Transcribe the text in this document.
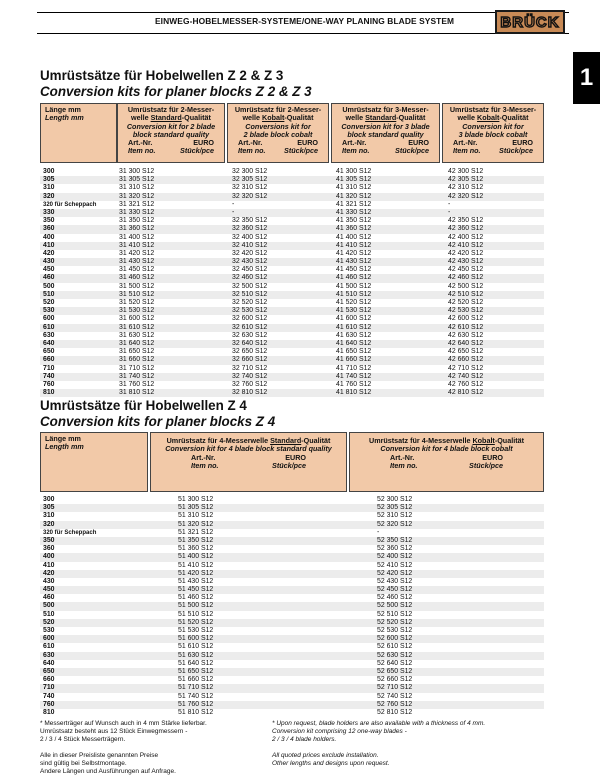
EINWEG-HOBELMESSER-SYSTEME/ONE-WAY PLANING BLADE SYSTEM	BRÜCK
1
Umrüstsätze für Hobelwellen Z 2 & Z 3
Conversion kits for planer blocks Z 2 & Z 3
Länge mm
Length mm
Umrüstsatz für 2-Messer-
welle Standard-Qualität
Conversion kit for 2 blade
block standard quality
Art.-Nr.	EURO
Item no.	Stück/pce
Umrüstsatz für 2-Messer-
welle Kobalt-Qualität
Conversions kit for
2 blade block cobalt
Art.-Nr.	EURO
Item no.	Stück/pce
Umrüstsatz für 3-Messer-
welle Standard-Qualität
Conversion kit for 3 blade
block standard quality
Art.-Nr.	EURO
Item no.	Stück/pce
Umrüstsatz für 3-Messer-
welle Kobalt-Qualität
Conversion kit for
3 blade block cobalt
Art.-Nr.	EURO
Item no.	Stück/pce
300	31 300 S12	32 300 S12	41 300 S12	42 300 S12
305	31 305 S12	32 305 S12	41 305 S12	42 305 S12
310	31 310 S12	32 310 S12	41 310 S12	42 310 S12
320	31 320 S12	32 320 S12	41 320 S12	42 320 S12
320 für Scheppach	31 321 S12	-	41 321 S12	-
330	31 330 S12	-	41 330 S12	-
350	31 350 S12	32 350 S12	41 350 S12	42 350 S12
360	31 360 S12	32 360 S12	41 360 S12	42 360 S12
400	31 400 S12	32 400 S12	41 400 S12	42 400 S12
410	31 410 S12	32 410 S12	41 410 S12	42 410 S12
420	31 420 S12	32 420 S12	41 420 S12	42 420 S12
430	31 430 S12	32 430 S12	41 430 S12	42 430 S12
450	31 450 S12	32 450 S12	41 450 S12	42 450 S12
460	31 460 S12	32 460 S12	41 460 S12	42 460 S12
500	31 500 S12	32 500 S12	41 500 S12	42 500 S12
510	31 510 S12	32 510 S12	41 510 S12	42 510 S12
520	31 520 S12	32 520 S12	41 520 S12	42 520 S12
530	31 530 S12	32 530 S12	41 530 S12	42 530 S12
600	31 600 S12	32 600 S12	41 600 S12	42 600 S12
610	31 610 S12	32 610 S12	41 610 S12	42 610 S12
630	31 630 S12	32 630 S12	41 630 S12	42 630 S12
640	31 640 S12	32 640 S12	41 640 S12	42 640 S12
650	31 650 S12	32 650 S12	41 650 S12	42 650 S12
660	31 660 S12	32 660 S12	41 660 S12	42 660 S12
710	31 710 S12	32 710 S12	41 710 S12	42 710 S12
740	31 740 S12	32 740 S12	41 740 S12	42 740 S12
760	31 760 S12	32 760 S12	41 760 S12	42 760 S12
810	31 810 S12	32 810 S12	41 810 S12	42 810 S12
Umrüstsätze für Hobelwellen Z 4
Conversion kits for planer blocks Z 4
Länge mm
Length mm
Umrüstsatz für 4-Messerwelle Standard-Qualität
Conversion kit for 4 blade block standard quality
Art.-Nr.	EURO
Item no.	Stück/pce
Umrüstsatz für 4-Messerwelle Kobalt-Qualität
Conversion kit for 4 blade block cobalt
Art.-Nr.	EURO
Item no.	Stück/pce
300	51 300 S12	52 300 S12
305	51 305 S12	52 305 S12
310	51 310 S12	52 310 S12
320	51 320 S12	52 320 S12
320 für Scheppach	51 321 S12	-
350	51 350 S12	52 350 S12
360	51 360 S12	52 360 S12
400	51 400 S12	52 400 S12
410	51 410 S12	52 410 S12
420	51 420 S12	52 420 S12
430	51 430 S12	52 430 S12
450	51 450 S12	52 450 S12
460	51 460 S12	52 460 S12
500	51 500 S12	52 500 S12
510	51 510 S12	52 510 S12
520	51 520 S12	52 520 S12
530	51 530 S12	52 530 S12
600	51 600 S12	52 600 S12
610	51 610 S12	52 610 S12
630	51 630 S12	52 630 S12
640	51 640 S12	52 640 S12
650	51 650 S12	52 650 S12
660	51 660 S12	52 660 S12
710	51 710 S12	52 710 S12
740	51 740 S12	52 740 S12
760	51 760 S12	52 760 S12
810	51 810 S12	52 810 S12
* Messerträger auf Wunsch auch in 4 mm Stärke lieferbar.
Umrüstsatz besteht aus 12 Stück Einwegmessern -
2 / 3 / 4 Stück Messerträgern.
Alle in dieser Preisliste genannten Preise
sind gültig bei Selbstmontage.
Andere Längen und Ausführungen auf Anfrage.
* Upon request, blade holders are also available with a thickness of 4 mm.
Conversion kit comprising 12 one-way blades -
2 / 3 / 4 blade holders.
All quoted prices exclude installation.
Other lengths and designs upon request.
